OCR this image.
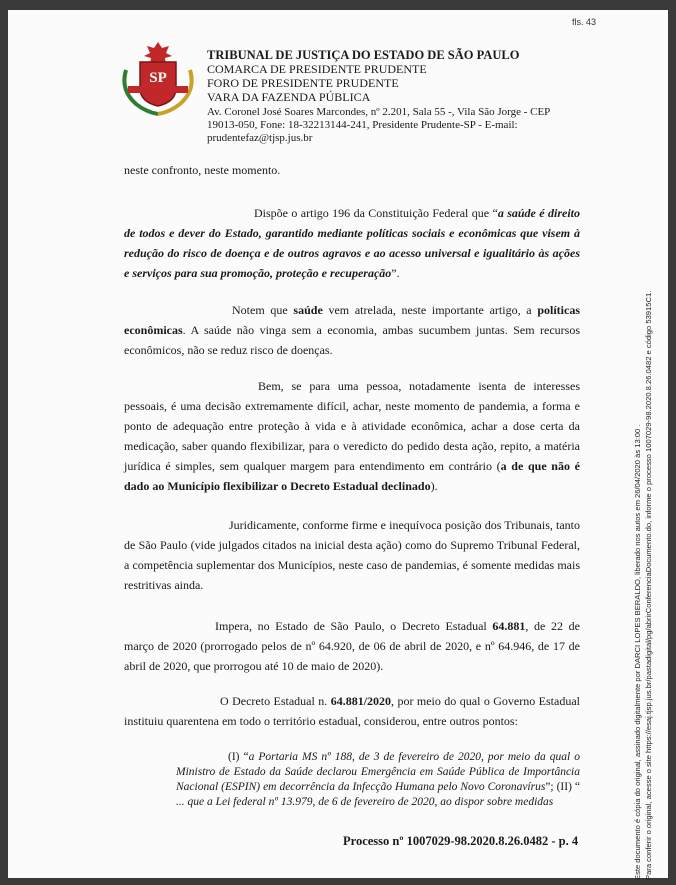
fls. 43
SP
TRIBUNAL DE JUSTIÇA DO ESTADO DE SÃO PAULO
COMARCA DE PRESIDENTE PRUDENTE
FORO DE PRESIDENTE PRUDENTE
VARA DA FAZENDA PÚBLICA
Av. Coronel José Soares Marcondes, nº 2.201, Sala 55 -, Vila São Jorge - CEP
19013-050, Fone: 18-32213144-241, Presidente Prudente-SP - E-mail:
prudentefaz@tjsp.jus.br
neste confronto, neste momento.
Dispõe o artigo 196 da Constituição Federal que “a saúde é direito de todos e dever do Estado, garantido mediante políticas sociais e econômicas que visem à redução do risco de doença e de outros agravos e ao acesso universal e igualitário às ações e serviços para sua promoção, proteção e recuperação”.
Notem que saúde vem atrelada, neste importante artigo, a políticas econômicas. A saúde não vinga sem a economia, ambas sucumbem juntas. Sem recursos econômicos, não se reduz risco de doenças.
Bem, se para uma pessoa, notadamente isenta de interesses pessoais, é uma decisão extremamente difícil, achar, neste momento de pandemia, a forma e ponto de adequação entre proteção à vida e à atividade econômica, achar a dose certa da medicação, saber quando flexibilizar, para o veredicto do pedido desta ação, repito, a matéria jurídica é simples, sem qualquer margem para entendimento em contrário (a de que não é dado ao Município flexibilizar o Decreto Estadual declinado).
Juridicamente, conforme firme e inequívoca posição dos Tribunais, tanto de São Paulo (vide julgados citados na inicial desta ação) como do Supremo Tribunal Federal, a competência suplementar dos Municípios, neste caso de pandemias, é somente medidas mais restritivas ainda.
Impera, no Estado de São Paulo, o Decreto Estadual 64.881, de 22 de março de 2020 (prorrogado pelos de nº 64.920, de 06 de abril de 2020, e nº 64.946, de 17 de abril de 2020, que prorrogou até 10 de maio de 2020).
O Decreto Estadual n. 64.881/2020, por meio do qual o Governo Estadual instituiu quarentena em todo o território estadual, considerou, entre outros pontos:
(I) “a Portaria MS nº 188, de 3 de fevereiro de 2020, por meio da qual o Ministro de Estado da Saúde declarou Emergência em Saúde Pública de Importância Nacional (ESPIN) em decorrência da Infecção Humana pelo Novo Coronavírus”; (II) “ ... que a Lei federal nº 13.979, de 6 de fevereiro de 2020, ao dispor sobre medidas
Processo nº 1007029-98.2020.8.26.0482 - p. 4	Este documento é cópia do original, assinado digitalmente por DARCI LOPES BERALDO, liberado nos autos em 26/04/2020 às 13:00 . Para conferir o original, acesse o site https://esaj.tjsp.jus.br/pastadigital/pg/abrirConferenciaDocumento.do, informe o processo 1007029-98.2020.8.26.0482 e código 53915C1.
